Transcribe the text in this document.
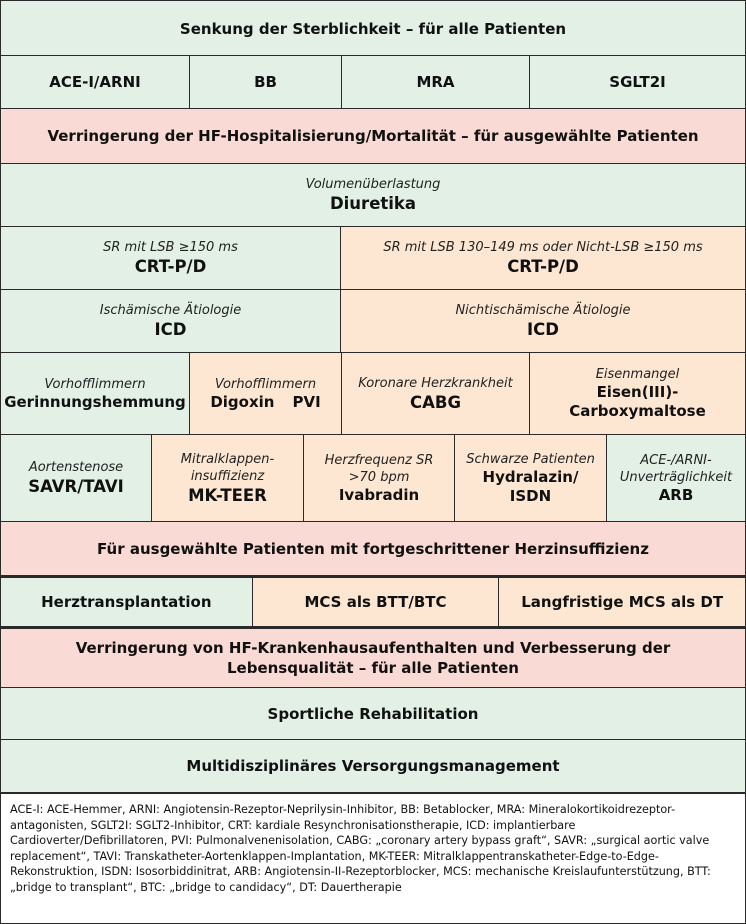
Senkung der Sterblichkeit – für alle Patienten
ACE-I/ARNI	BB	MRA	SGLT2I
Verringerung der HF-Hospitalisierung/Mortalität – für ausgewählte Patienten
Volumenüberlastung
Diuretika
SR mit LSB ≥150 ms
CRT-P/D
SR mit LSB 130–149 ms oder Nicht-LSB ≥150 ms
CRT-P/D
Ischämische Ätiologie
ICD
Nichtischämische Ätiologie
ICD
Vorhofflimmern
Gerinnungshemmung
Vorhofflimmern
Digoxin PVI
Koronare Herzkrankheit
CABG
Eisenmangel
Eisen(III)-Carboxymaltose
Aortenstenose
SAVR/TAVI
Mitralklappen-insuffizienz
MK-TEER
Herzfrequenz SR >70 bpm
Ivabradin
Schwarze Patienten
Hydralazin/ ISDN
ACE-/ARNI-Unverträglichkeit
ARB
Für ausgewählte Patienten mit fortgeschrittener Herzinsuffizienz
Herztransplantation	MCS als BTT/BTC	Langfristige MCS als DT
Verringerung von HF-Krankenhausaufenthalten und Verbesserung der Lebensqualität – für alle Patienten
Sportliche Rehabilitation
Multidisziplinäres Versorgungsmanagement
ACE-I: ACE-Hemmer, ARNI: Angiotensin-Rezeptor-Neprilysin-Inhibitor, BB: Betablocker, MRA: Mineralokortikoidrezeptor-antagonisten, SGLT2I: SGLT2-Inhibitor, CRT: kardiale Resynchronisationstherapie, ICD: implantierbare Cardioverter/Defibrillatoren, PVI: Pulmonalvenenisolation, CABG: „coronary artery bypass graft“, SAVR: „surgical aortic valve replacement“, TAVI: Transkatheter-Aortenklappen-Implantation, MK-TEER: Mitralklappentranskatheter-Edge-to-Edge-Rekonstruktion, ISDN: Isosorbiddinitrat, ARB: Angiotensin-II-Rezeptorblocker, MCS: mechanische Kreislaufunterstützung, BTT: „bridge to transplant“, BTC: „bridge to candidacy“, DT: Dauertherapie
